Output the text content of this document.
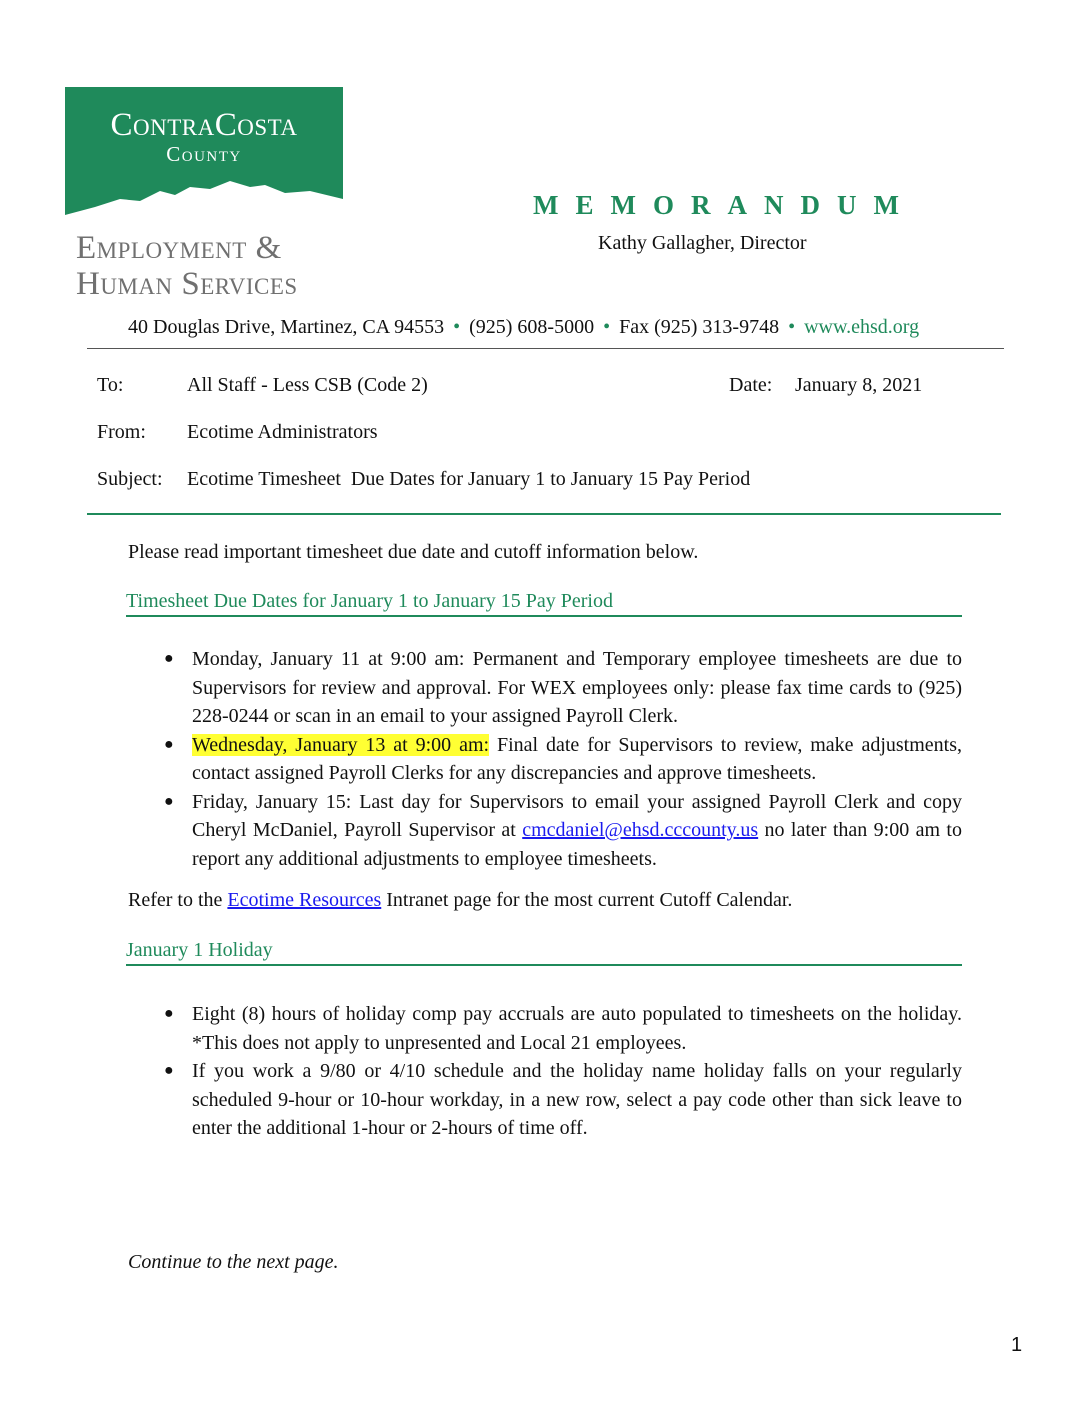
ContraCosta
County
Employment &
Human Services
MEMORANDUM
Kathy Gallagher, Director
40 Douglas Drive, Martinez, CA 94553 • (925) 608-5000 • Fax (925) 313-9748 • www.ehsd.org
To:	All Staff - Less CSB (Code 2)	Date: January 8, 2021
From: Ecotime Administrators
Subject: Ecotime Timesheet  Due Dates for January 1 to January 15 Pay Period
Please read important timesheet due date and cutoff information below.
Timesheet Due Dates for January 1 to January 15 Pay Period
● Monday, January 11 at 9:00 am: Permanent and Temporary employee timesheets are due to Supervisors for review and approval. For WEX employees only: please fax time cards to (925) 228-0244 or scan in an email to your assigned Payroll Clerk.
● Wednesday, January 13 at 9:00 am: Final date for Supervisors to review, make adjustments, contact assigned Payroll Clerks for any discrepancies and approve timesheets.
● Friday, January 15: Last day for Supervisors to email your assigned Payroll Clerk and copy Cheryl McDaniel, Payroll Supervisor at cmcdaniel@ehsd.cccounty.us no later than 9:00 am to report any additional adjustments to employee timesheets.
Refer to the Ecotime Resources Intranet page for the most current Cutoff Calendar.
January 1 Holiday
● Eight (8) hours of holiday comp pay accruals are auto populated to timesheets on the holiday. *This does not apply to unpresented and Local 21 employees.
● If you work a 9/80 or 4/10 schedule and the holiday name holiday falls on your regularly scheduled 9-hour or 10-hour workday, in a new row, select a pay code other than sick leave to enter the additional 1-hour or 2-hours of time off.
Continue to the next page.
1
